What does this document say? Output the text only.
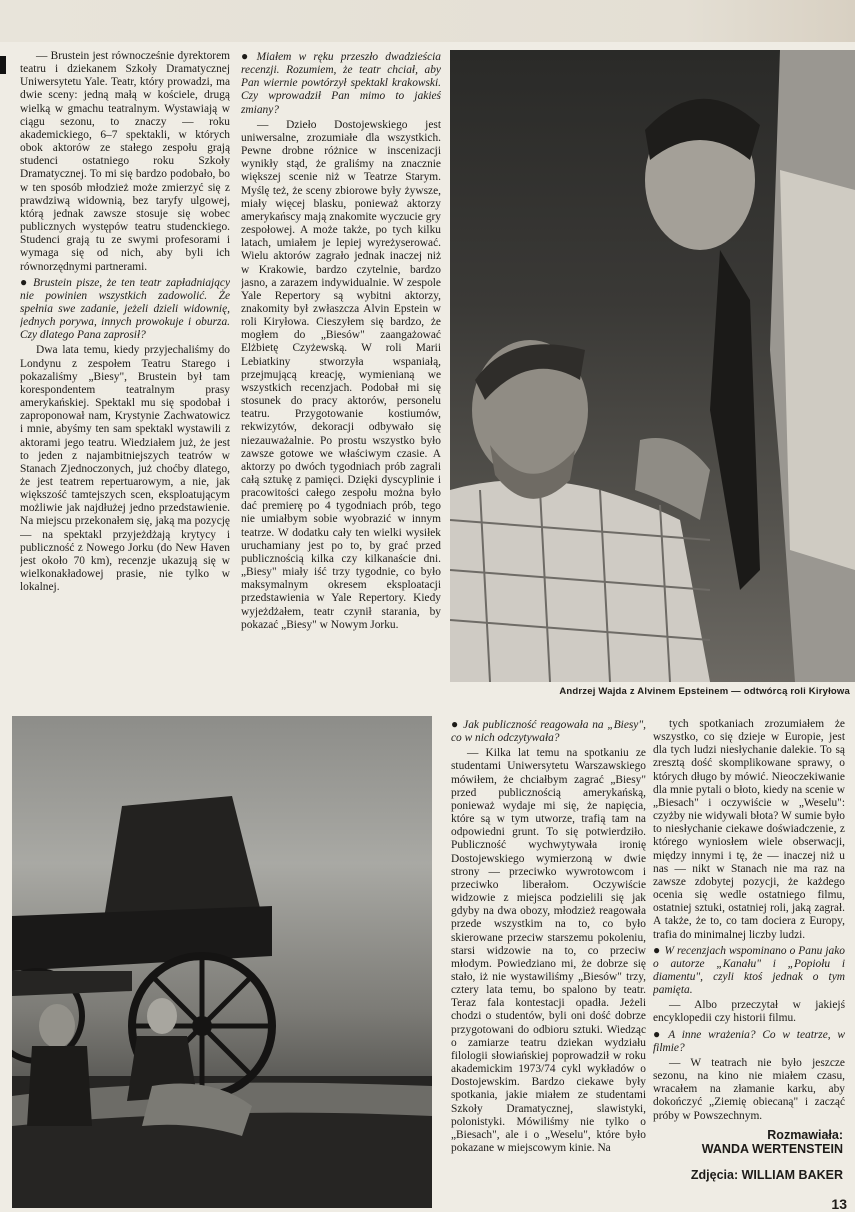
— Brustein jest równocześnie dyrektorem teatru i dziekanem Szkoły Dramatycznej Uniwersytetu Yale. Teatr, który prowadzi, ma dwie sceny: jedną małą w kościele, drugą wielką w gmachu teatralnym. Wystawiają w ciągu sezonu, to znaczy — roku akademickiego, 6–7 spektakli, w których obok aktorów ze stałego zespołu grają studenci ostatniego roku Szkoły Dramatycznej. To mi się bardzo podobało, bo w ten sposób młodzież może zmierzyć się z prawdziwą widownią, bez taryfy ulgowej, którą jednak zawsze stosuje się wobec publicznych występów teatru studenckiego. Studenci grają tu ze swymi profesorami i wymaga się od nich, aby byli ich równorzędnymi partnerami.

● Brustein pisze, że ten teatr zapładniający nie powinien wszystkich zadowolić. Że spełnia swe zadanie, jeżeli dzieli widownię, jednych porywa, innych prowokuje i oburza. Czy dlatego Pana zaprosił?

Dwa lata temu, kiedy przyjechaliśmy do Londynu z zespołem Teatru Starego i pokazaliśmy „Biesy", Brustein był tam korespondentem teatralnym prasy amerykańskiej. Spektakl mu się spodobał i zaproponował nam, Krystynie Zachwatowicz i mnie, abyśmy ten sam spektakl wystawili z aktorami jego teatru. Wiedziałem już, że jest to jeden z najambitniejszych teatrów w Stanach Zjednoczonych, już choćby dlatego, że jest teatrem repertuarowym, a nie, jak większość tamtejszych scen, eksploatującym możliwie jak najdłużej jedno przedstawienie. Na miejscu przekonałem się, jaką ma pozycję — na spektakl przyjeżdżają krytycy i publiczność z Nowego Jorku (do New Haven jest około 70 km), recenzje ukazują się w wielkonakładowej prasie, nie tylko w lokalnej.

● Miałem w ręku przeszło dwadzieścia recenzji. Rozumiem, że teatr chciał, aby Pan wiernie powtórzył spektakl krakowski. Czy wprowadził Pan mimo to jakieś zmiany?

— Dzieło Dostojewskiego jest uniwersalne, zrozumiałe dla wszystkich. Pewne drobne różnice w inscenizacji wynikły stąd, że graliśmy na znacznie większej scenie niż w Teatrze Starym. Myślę też, że sceny zbiorowe były żywsze, miały więcej blasku, ponieważ aktorzy amerykańscy mają znakomite wyczucie gry zespołowej. A może także, po tych kilku latach, umiałem je lepiej wyreżyserować. Wielu aktorów zagrało jednak inaczej niż w Krakowie, bardzo czytelnie, bardzo jasno, a zarazem indywidualnie. W zespole Yale Repertory są wybitni aktorzy, znakomity był zwłaszcza Alvin Epstein w roli Kiryłowa. Cieszyłem się bardzo, że mogłem do „Biesów" zaangażować Elżbietę Czyżewską. W roli Marii Lebiatkiny stworzyła wspaniałą, przejmującą kreację, wymienianą we wszystkich recenzjach. Podobał mi się stosunek do pracy aktorów, personelu teatru. Przygotowanie kostiumów, rekwizytów, dekoracji odbywało się niezauważalnie. Po prostu wszystko było zawsze gotowe we właściwym czasie. A aktorzy po dwóch tygodniach prób zagrali całą sztukę z pamięci. Dzięki dyscyplinie i pracowitości całego zespołu można było dać premierę po 4 tygodniach prób, tego nie umiałbym sobie wyobrazić w innym teatrze. W dodatku cały ten wielki wysiłek uruchamiany jest po to, by grać przed publicznością kilka czy kilkanaście dni. „Biesy" miały iść trzy tygodnie, co było maksymalnym okresem eksploatacji przedstawienia w Yale Repertory. Kiedy wyjeżdżałem, teatr czynił starania, by pokazać „Biesy" w Nowym Jorku.

Andrzej Wajda z Alvinem Epsteinem — odtwórcą roli Kiryłowa

● Jak publiczność reagowała na „Biesy", co w nich odczytywała?

— Kilka lat temu na spotkaniu ze studentami Uniwersytetu Warszawskiego mówiłem, że chciałbym zagrać „Biesy" przed publicznością amerykańską, ponieważ wydaje mi się, że napięcia, które są w tym utworze, trafią tam na odpowiedni grunt. To się potwierdziło. Publiczność wychwytywała ironię Dostojewskiego wymierzoną w dwie strony — przeciwko wywrotowcom i przeciwko liberałom. Oczywiście widzowie z miejsca podzielili się jak gdyby na dwa obozy, młodzież reagowała przede wszystkim na to, co było skierowane przeciw starszemu pokoleniu, starsi widzowie na to, co przeciw młodym. Powiedziano mi, że dobrze się stało, iż nie wystawiliśmy „Biesów" trzy, cztery lata temu, bo spalono by teatr. Teraz fala kontestacji opadła. Jeżeli chodzi o studentów, byli oni dość dobrze przygotowani do odbioru sztuki. Wiedząc o zamiarze teatru dziekan wydziału filologii słowiańskiej poprowadził w roku akademickim 1973/74 cykl wykładów o Dostojewskim. Bardzo ciekawe były spotkania, jakie miałem ze studentami Szkoły Dramatycznej, slawistyki, polonistyki. Mówiliśmy nie tylko o „Biesach", ale i o „Weselu", które było pokazane w miejscowym kinie. Na

tych spotkaniach zrozumiałem że wszystko, co się dzieje w Europie, jest dla tych ludzi niesłychanie dalekie. To są zresztą dość skomplikowane sprawy, o których długo by mówić. Nieoczekiwanie dla mnie pytali o błoto, kiedy na scenie w „Biesach" i oczywiście w „Weselu": czyżby nie widywali błota? W sumie było to niesłychanie ciekawe doświadczenie, z którego wyniosłem wiele obserwacji, między innymi i tę, że — inaczej niż u nas — nikt w Stanach nie ma raz na zawsze zdobytej pozycji, że każdego ocenia się wedle ostatniego filmu, ostatniej sztuki, ostatniej roli, jaką zagrał. A także, że to, co tam dociera z Europy, trafia do minimalnej liczby ludzi.

● W recenzjach wspominano o Panu jako o autorze „Kanału" i „Popiołu i diamentu", czyli ktoś jednak o tym pamięta.

— Albo przeczytał w jakiejś encyklopedii czy historii filmu.

● A inne wrażenia? Co w teatrze, w filmie?

— W teatrach nie było jeszcze sezonu, na kino nie miałem czasu, wracałem na złamanie karku, aby dokończyć „Ziemię obiecaną" i zacząć próby w Powszechnym.

Rozmawiała:
WANDA WERTENSTEIN
Zdjęcia: WILLIAM BAKER
13
